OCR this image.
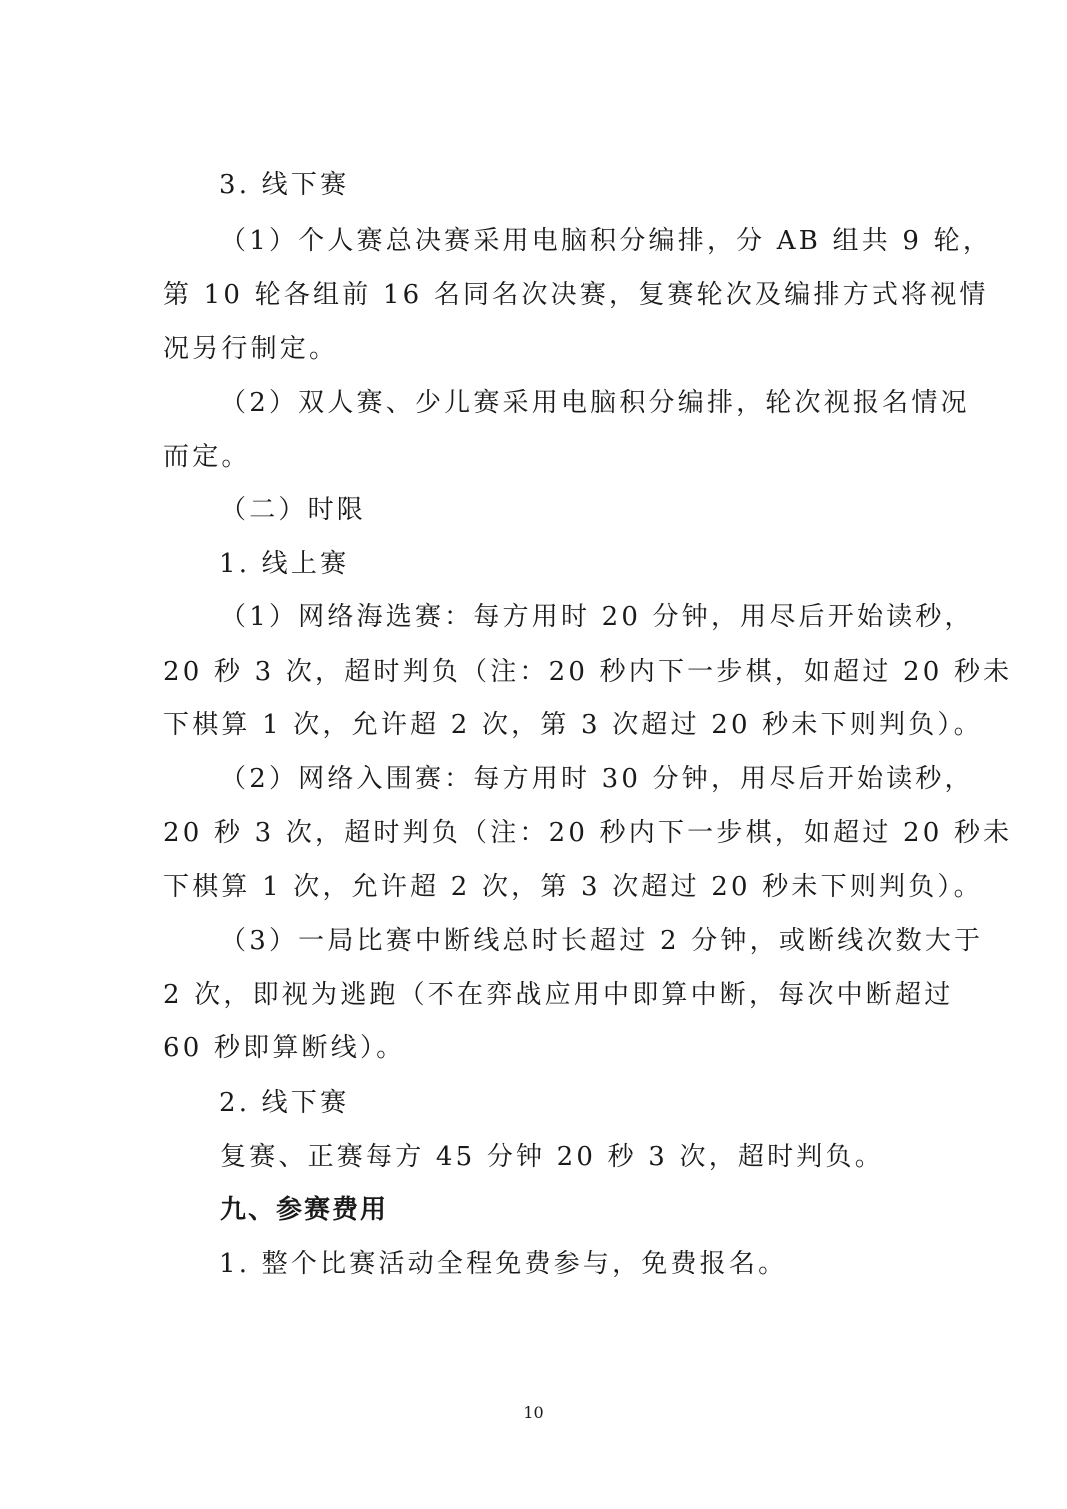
3. 线下赛
（1）个人赛总决赛采用电脑积分编排，分 AB 组共 9 轮，
第 10 轮各组前 16 名同名次决赛，复赛轮次及编排方式将视情
况另行制定。
（2）双人赛、少儿赛采用电脑积分编排，轮次视报名情况
而定。
（二）时限
1. 线上赛
（1）网络海选赛：每方用时 20 分钟，用尽后开始读秒，
20 秒 3 次，超时判负（注：20 秒内下一步棋，如超过 20 秒未
下棋算 1 次，允许超 2 次，第 3 次超过 20 秒未下则判负）。
（2）网络入围赛：每方用时 30 分钟，用尽后开始读秒，
20 秒 3 次，超时判负（注：20 秒内下一步棋，如超过 20 秒未
下棋算 1 次，允许超 2 次，第 3 次超过 20 秒未下则判负）。
（3）一局比赛中断线总时长超过 2 分钟，或断线次数大于
2 次，即视为逃跑（不在弈战应用中即算中断，每次中断超过
60 秒即算断线）。
2. 线下赛
复赛、正赛每方 45 分钟 20 秒 3 次，超时判负。
九、参赛费用
1. 整个比赛活动全程免费参与，免费报名。
10
